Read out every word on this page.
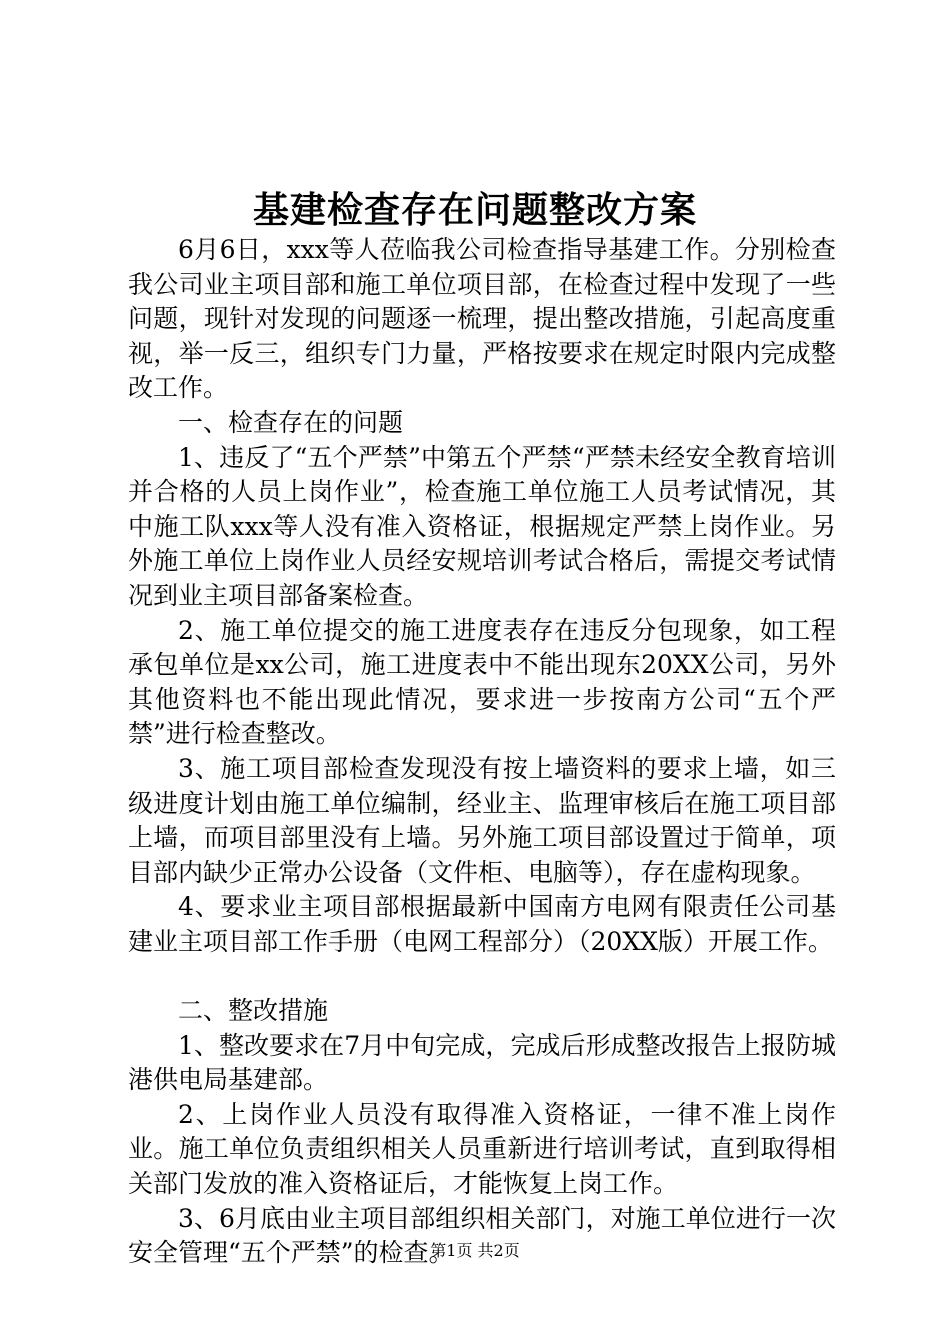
基建检查存在问题整改方案

6月6日，xxx等人莅临我公司检查指导基建工作。分别检查我公司业主项目部和施工单位项目部，在检查过程中发现了一些问题，现针对发现的问题逐一梳理，提出整改措施，引起高度重视，举一反三，组织专门力量，严格按要求在规定时限内完成整改工作。

一、检查存在的问题

1、违反了“五个严禁”中第五个严禁“严禁未经安全教育培训并合格的人员上岗作业”，检查施工单位施工人员考试情况，其中施工队xxx等人没有准入资格证，根据规定严禁上岗作业。另外施工单位上岗作业人员经安规培训考试合格后，需提交考试情况到业主项目部备案检查。

2、施工单位提交的施工进度表存在违反分包现象，如工程承包单位是xx公司，施工进度表中不能出现东20XX公司，另外其他资料也不能出现此情况，要求进一步按南方公司“五个严禁”进行检查整改。

3、施工项目部检查发现没有按上墙资料的要求上墙，如三级进度计划由施工单位编制，经业主、监理审核后在施工项目部上墙，而项目部里没有上墙。另外施工项目部设置过于简单，项目部内缺少正常办公设备（文件柜、电脑等），存在虚构现象。

4、要求业主项目部根据最新中国南方电网有限责任公司基建业主项目部工作手册（电网工程部分）（20XX版）开展工作。

二、整改措施

1、整改要求在7月中旬完成，完成后形成整改报告上报防城港供电局基建部。

2、上岗作业人员没有取得准入资格证，一律不准上岗作业。施工单位负责组织相关人员重新进行培训考试，直到取得相关部门发放的准入资格证后，才能恢复上岗工作。

3、6月底由业主项目部组织相关部门，对施工单位进行一次安全管理“五个严禁”的检查。

第1页 共2页
